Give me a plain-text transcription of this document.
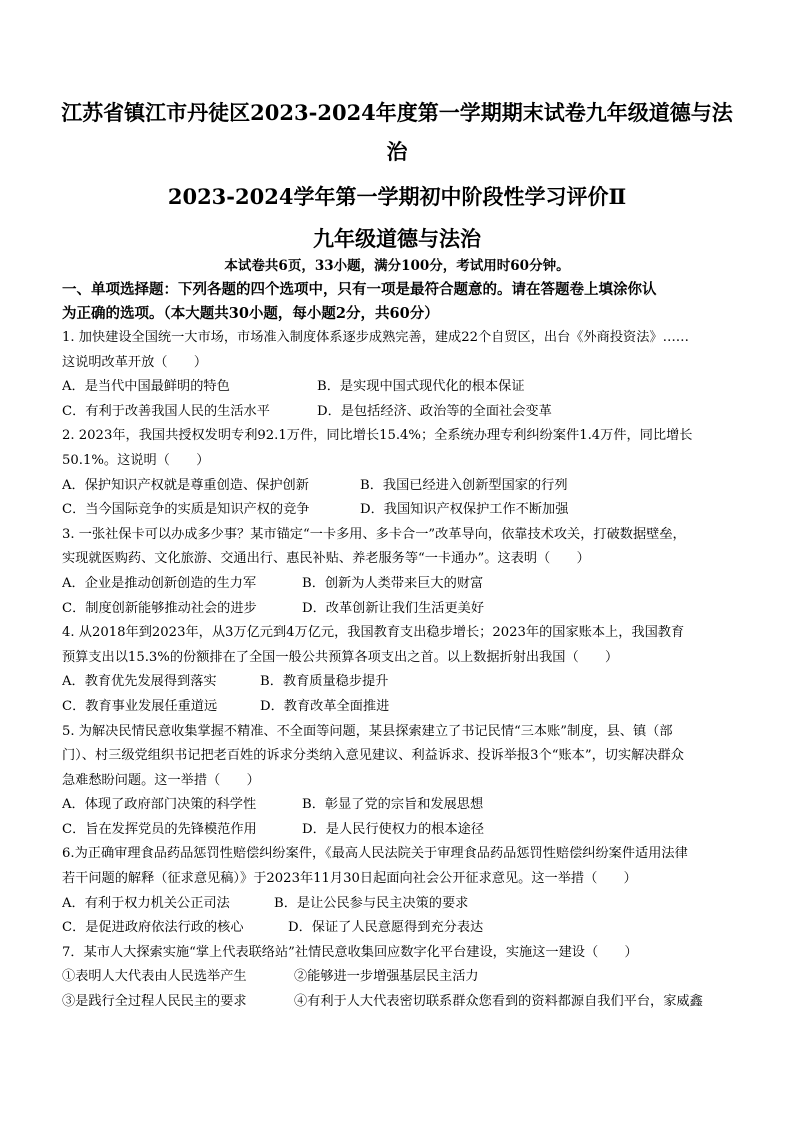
江苏省镇江市丹徒区2023-2024年度第一学期期末试卷九年级道德与法
治
2023-2024学年第一学期初中阶段性学习评价Ⅱ
九年级道德与法治
本试卷共6页，33小题，满分100分，考试用时60分钟。
一、单项选择题：下列各题的四个选项中，只有一项是最符合题意的。请在答题卷上填涂你认
为正确的选项。（本大题共30小题，每小题2分，共60分）
1. 加快建设全国统一大市场，市场准入制度体系逐步成熟完善，建成22个自贸区，出台《外商投资法》……
这说明改革开放（　　）
A．是当代中国最鲜明的特色	B．是实现中国式现代化的根本保证
C．有利于改善我国人民的生活水平	D．是包括经济、政治等的全面社会变革
2. 2023年，我国共授权发明专利92.1万件，同比增长15.4%；全系统办理专利纠纷案件1.4万件，同比增长
50.1%。这说明（　　）
A．保护知识产权就是尊重创造、保护创新	B．我国已经进入创新型国家的行列
C．当今国际竞争的实质是知识产权的竞争	D．我国知识产权保护工作不断加强
3. 一张社保卡可以办成多少事？某市锚定“一卡多用、多卡合一”改革导向，依靠技术攻关，打破数据壁垒，
实现就医购药、文化旅游、交通出行、惠民补贴、养老服务等“一卡通办”。这表明（　　）
A．企业是推动创新创造的生力军	B．创新为人类带来巨大的财富
C．制度创新能够推动社会的进步	D．改革创新让我们生活更美好
4. 从2018年到2023年，从3万亿元到4万亿元，我国教育支出稳步增长；2023年的国家账本上，我国教育
预算支出以15.3%的份额排在了全国一般公共预算各项支出之首。以上数据折射出我国（　　）
A．教育优先发展得到落实	B．教育质量稳步提升
C．教育事业发展任重道远	D．教育改革全面推进
5. 为解决民情民意收集掌握不精准、不全面等问题，某县探索建立了书记民情“三本账”制度，县、镇（部
门）、村三级党组织书记把老百姓的诉求分类纳入意见建议、利益诉求、投诉举报3个“账本”，切实解决群众
急难愁盼问题。这一举措（　　）
A．体现了政府部门决策的科学性	B．彰显了党的宗旨和发展思想
C．旨在发挥党员的先锋模范作用	D．是人民行使权力的根本途径
6.为正确审理食品药品惩罚性赔偿纠纷案件，《最高人民法院关于审理食品药品惩罚性赔偿纠纷案件适用法律
若干问题的解释（征求意见稿）》于2023年11月30日起面向社会公开征求意见。这一举措（　　）
A．有利于权力机关公正司法	B．是让公民参与民主决策的要求
C．是促进政府依法行政的核心	D．保证了人民意愿得到充分表达
7．某市人大探索实施“掌上代表联络站”社情民意收集回应数字化平台建设，实施这一建设（　　）
①表明人大代表由人民选举产生	②能够进一步增强基层民主活力
③是践行全过程人民民主的要求	④有利于人大代表密切联系群众您看到的资料都源自我们平台，家威鑫
